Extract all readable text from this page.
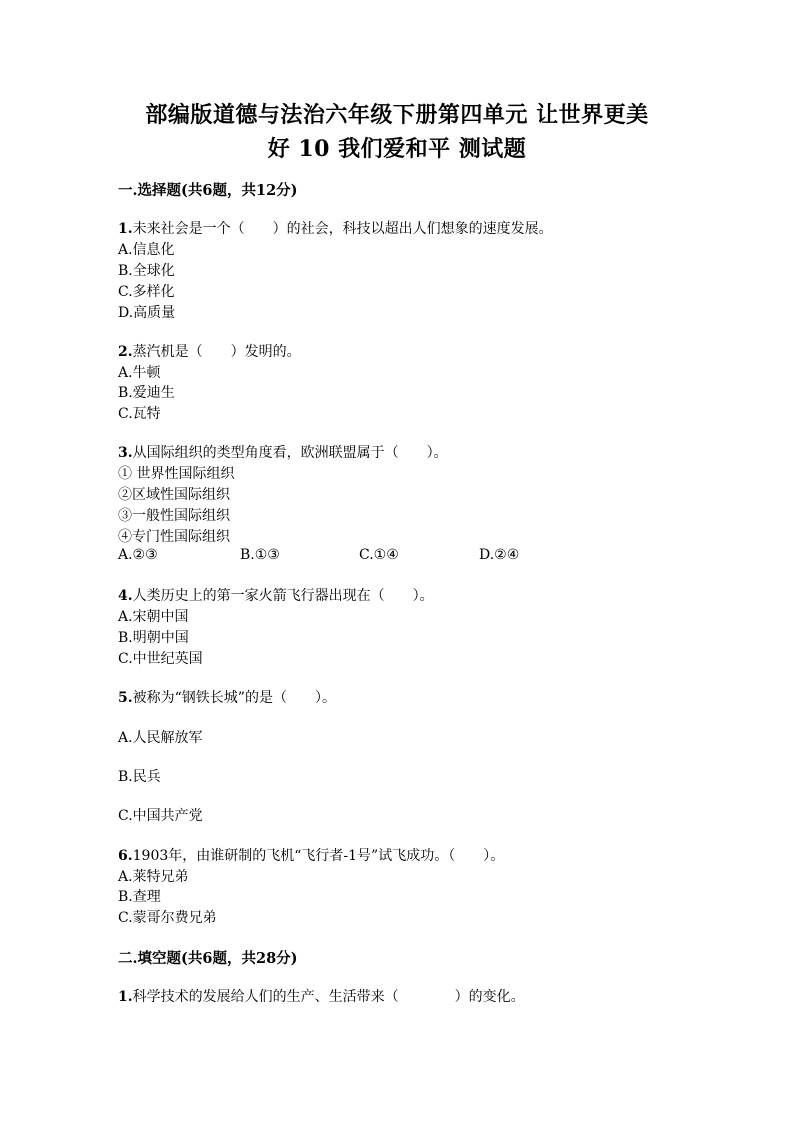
部编版道德与法治六年级下册第四单元 让世界更美
好 10 我们爱和平 测试题
一.选择题(共6题，共12分)
1.未来社会是一个（　　）的社会，科技以超出人们想象的速度发展。
A.信息化
B.全球化
C.多样化
D.高质量
2.蒸汽机是（　　）发明的。
A.牛顿
B.爱迪生
C.瓦特
3.从国际组织的类型角度看，欧洲联盟属于（　　）。
① 世界性国际组织
②区域性国际组织
③一般性国际组织
④专门性国际组织
A.②③	B.①③	C.①④	D.②④
4.人类历史上的第一家火箭飞行器出现在（　　）。
A.宋朝中国
B.明朝中国
C.中世纪英国
5.被称为“钢铁长城”的是（　　）。
A.人民解放军
B.民兵
C.中国共产党
6.1903年，由谁研制的飞机“飞行者-1号”试飞成功。（　　）。
A.莱特兄弟
B.查理
C.蒙哥尔费兄弟
二.填空题(共6题，共28分)
1.科学技术的发展给人们的生产、生活带来（　　　　）的变化。
